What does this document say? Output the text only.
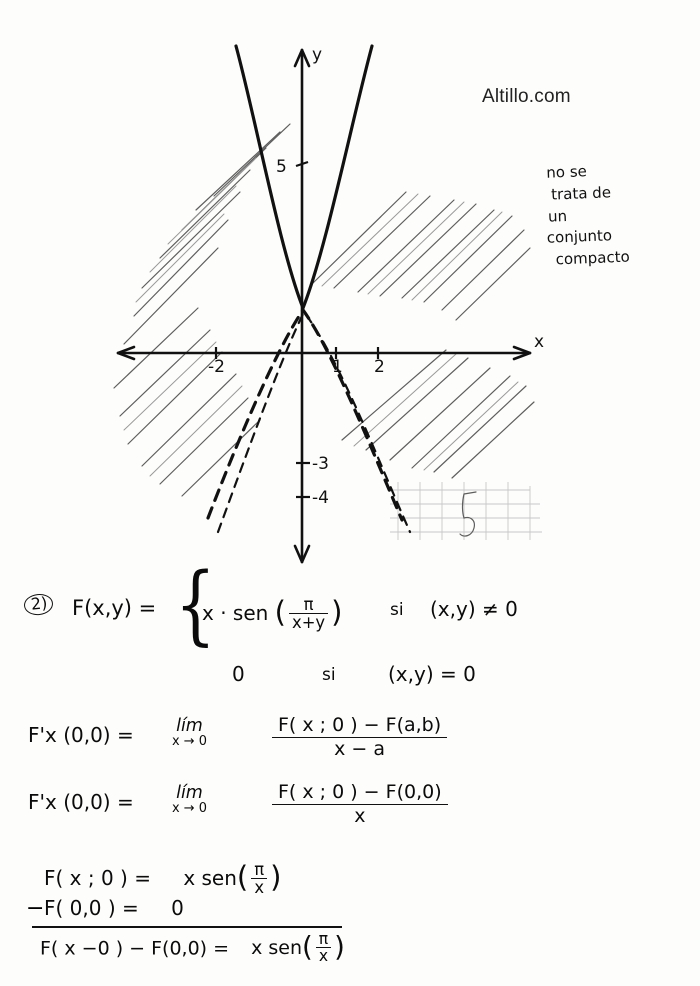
Altillo.com
no se
trata de
un
conjunto
compacto
5
-3
-4
-2	1 2
x
y
2) F(x,y) = {
x · sen ( $\frac{\pi}{x+y}$ )	si (x,y) ≠ 0
0	si	(x,y) = 0
F'x (0,0) = lím
x → 0	$\frac{F( x ; 0 ) - F(a,b)}{x - a}$
F'x (0,0) = lím
x → 0	$\frac{F( x ; 0 ) - F(0,0)}{x}$
F( x ; 0 ) = x $sen( \frac{\pi}{x}$ )
− F( 0,0 ) = 0
F( x −0 ) − F(0,0) = x $sen( \frac{\pi}{x}$ )
